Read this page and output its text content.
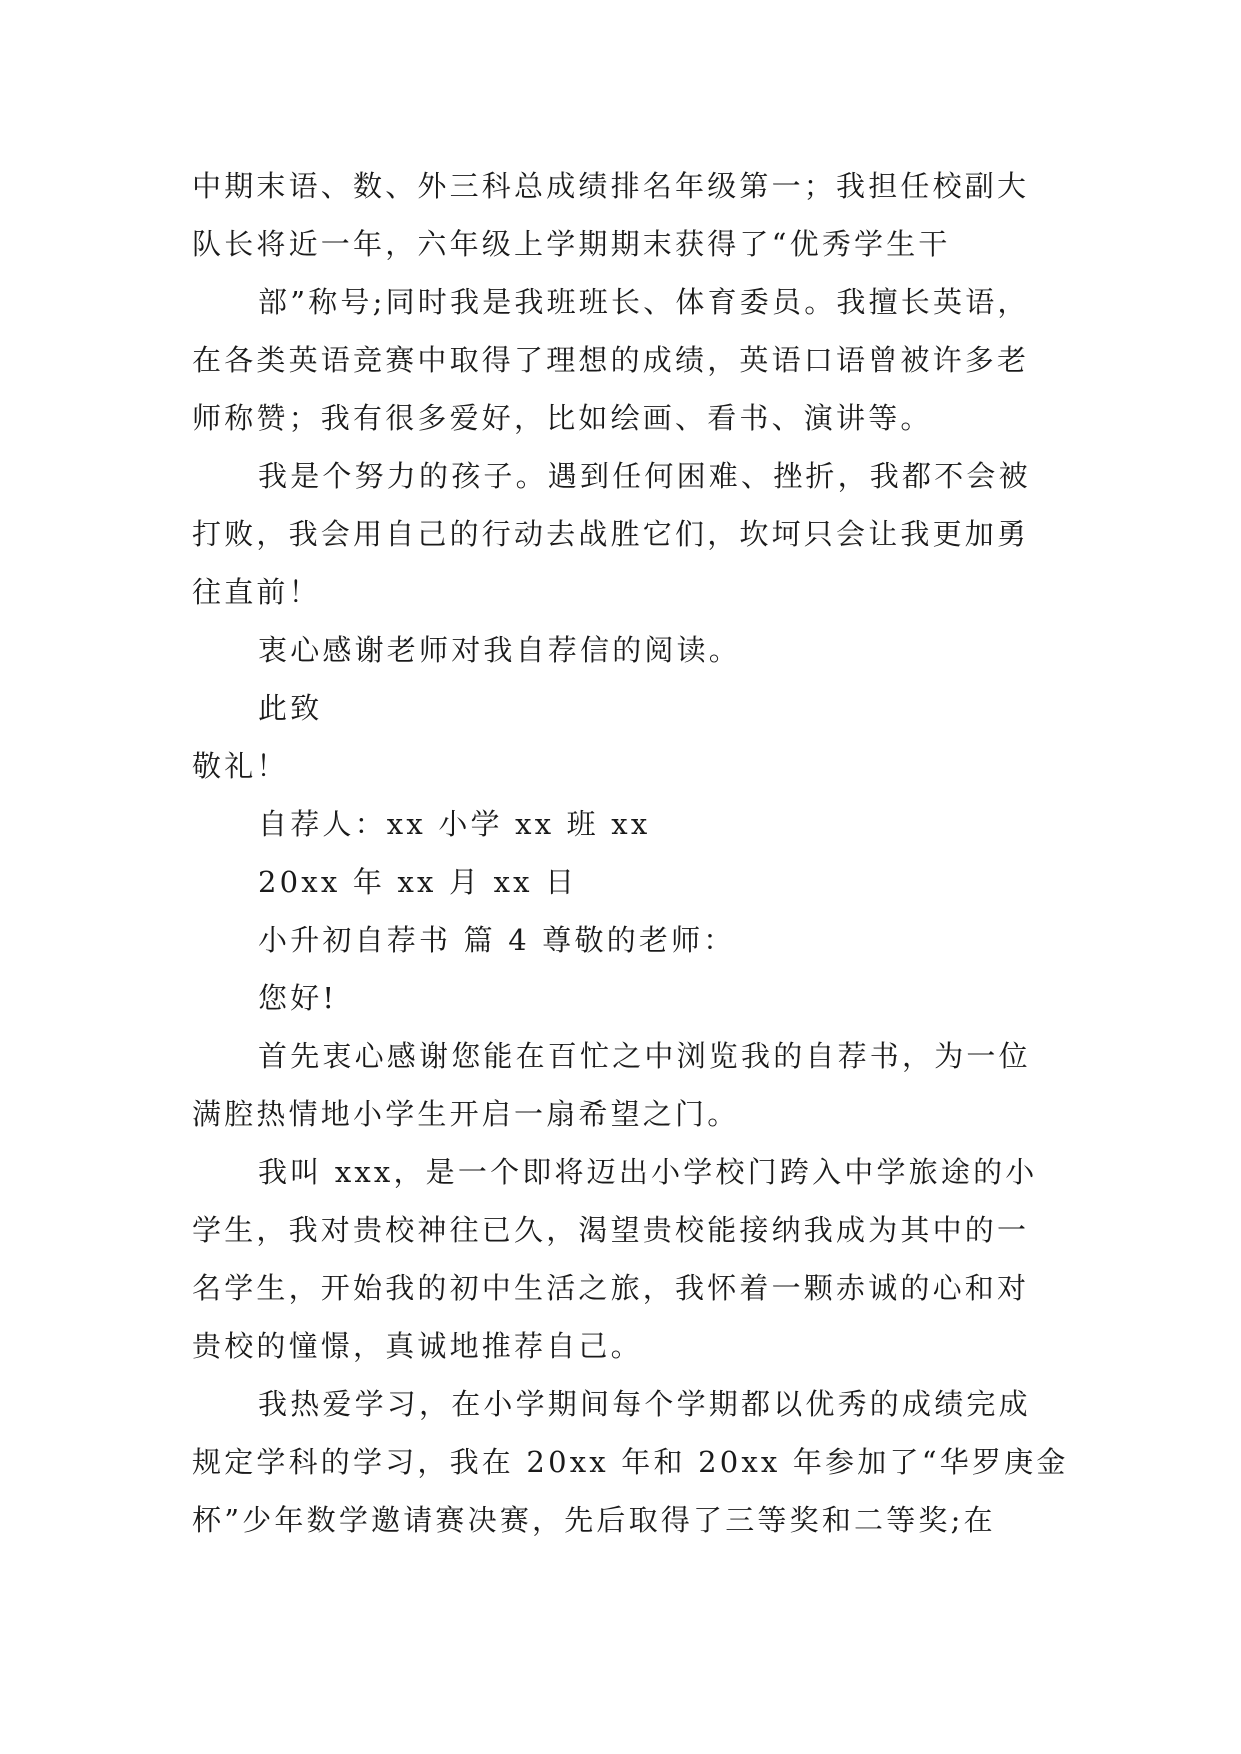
中期末语、数、外三科总成绩排名年级第一；我担任校副大
队长将近一年，六年级上学期期末获得了“优秀学生干
部”称号;同时我是我班班长、体育委员。我擅长英语，
在各类英语竞赛中取得了理想的成绩，英语口语曾被许多老
师称赞；我有很多爱好，比如绘画、看书、演讲等。
我是个努力的孩子。遇到任何困难、挫折，我都不会被
打败，我会用自己的行动去战胜它们，坎坷只会让我更加勇
往直前！
衷心感谢老师对我自荐信的阅读。
此致
敬礼！
自荐人：xx 小学 xx 班 xx
20xx 年 xx 月 xx 日
小升初自荐书 篇 4 尊敬的老师：
您好!
首先衷心感谢您能在百忙之中浏览我的自荐书，为一位
满腔热情地小学生开启一扇希望之门。
我叫 xxx，是一个即将迈出小学校门跨入中学旅途的小
学生，我对贵校神往已久，渴望贵校能接纳我成为其中的一
名学生，开始我的初中生活之旅，我怀着一颗赤诚的心和对
贵校的憧憬，真诚地推荐自己。
我热爱学习，在小学期间每个学期都以优秀的成绩完成
规定学科的学习，我在 20xx 年和 20xx 年参加了“华罗庚金
杯”少年数学邀请赛决赛，先后取得了三等奖和二等奖;在
